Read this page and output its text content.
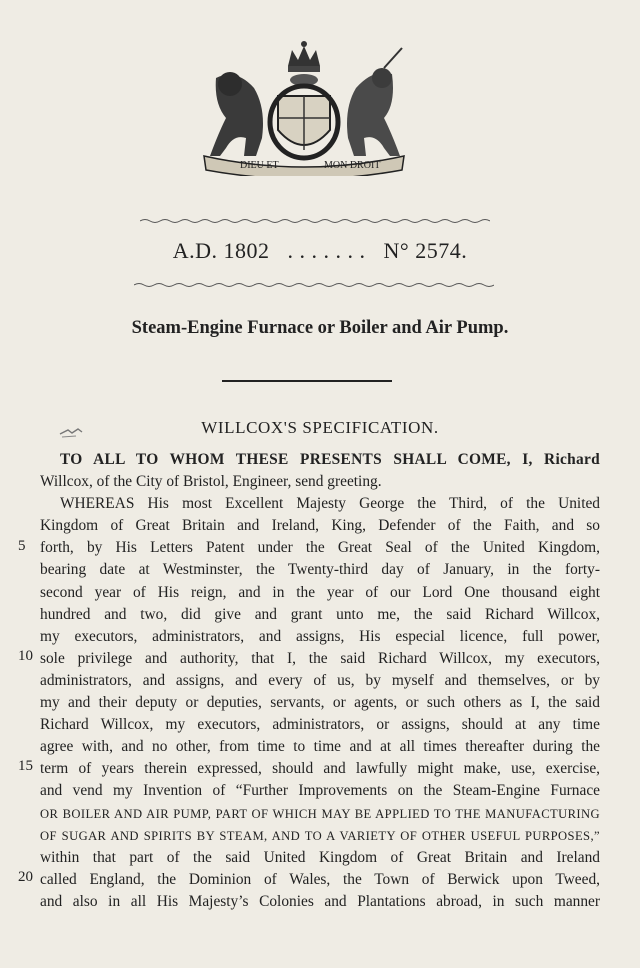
DIEU ET	MON DROIT
A.D. 1802 . . . . . . . N° 2574.
Steam-Engine Furnace or Boiler and Air Pump.
WILLCOX'S SPECIFICATION.
5
10
15
20
TO ALL TO WHOM THESE PRESENTS SHALL COME, I, Richard
Willcox, of the City of Bristol, Engineer, send greeting.
WHEREAS His most Excellent Majesty George the Third, of the United
Kingdom of Great Britain and Ireland, King, Defender of the Faith, and so
forth, by His Letters Patent under the Great Seal of the United Kingdom,
bearing date at Westminster, the Twenty-third day of January, in the forty-
second year of His reign, and in the year of our Lord One thousand eight
hundred and two, did give and grant unto me, the said Richard Willcox,
my executors, administrators, and assigns, His especial licence, full power,
sole privilege and authority, that I, the said Richard Willcox, my executors,
administrators, and assigns, and every of us, by myself and themselves, or by
my and their deputy or deputies, servants, or agents, or such others as I, the said
Richard Willcox, my executors, administrators, or assigns, should at any time
agree with, and no other, from time to time and at all times thereafter during the
term of years therein expressed, should and lawfully might make, use, exercise,
and vend my Invention of “Further Improvements on the Steam-Engine Furnace
OR BOILER AND AIR PUMP, PART OF WHICH MAY BE APPLIED TO THE MANUFACTURING
OF SUGAR AND SPIRITS BY STEAM, AND TO A VARIETY OF OTHER USEFUL PURPOSES,”
within that part of the said United Kingdom of Great Britain and Ireland
called England, the Dominion of Wales, the Town of Berwick upon Tweed,
and also in all His Majesty’s Colonies and Plantations abroad, in such manner
